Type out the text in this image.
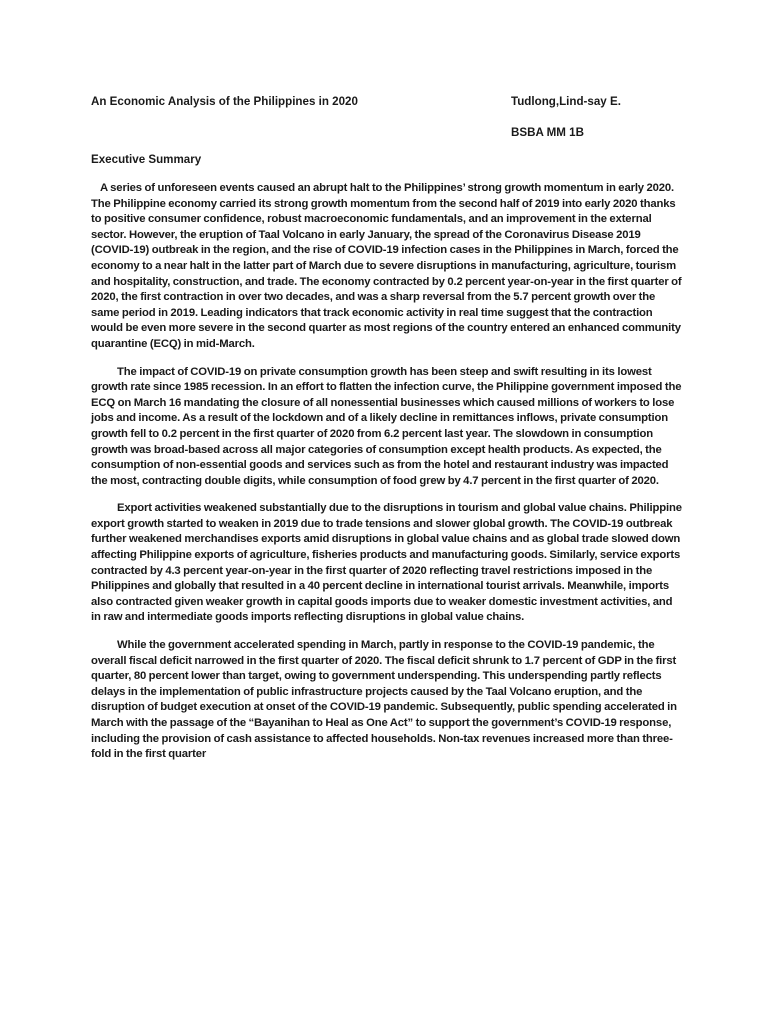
An Economic Analysis of the Philippines in 2020	Tudlong,Lind-say E.
BSBA MM 1B
Executive Summary

A series of unforeseen events caused an abrupt halt to the Philippines’ strong growth momentum in early 2020. The Philippine economy carried its strong growth momentum from the second half of 2019 into early 2020 thanks to positive consumer confidence, robust macroeconomic fundamentals, and an improvement in the external sector. However, the eruption of Taal Volcano in early January, the spread of the Coronavirus Disease 2019 (COVID-19) outbreak in the region, and the rise of COVID-19 infection cases in the Philippines in March, forced the economy to a near halt in the latter part of March due to severe disruptions in manufacturing, agriculture, tourism and hospitality, construction, and trade. The economy contracted by 0.2 percent year-on-year in the first quarter of 2020, the first contraction in over two decades, and was a sharp reversal from the 5.7 percent growth over the same period in 2019. Leading indicators that track economic activity in real time suggest that the contraction would be even more severe in the second quarter as most regions of the country entered an enhanced community quarantine (ECQ) in mid-March.

The impact of COVID-19 on private consumption growth has been steep and swift resulting in its lowest growth rate since 1985 recession. In an effort to flatten the infection curve, the Philippine government imposed the ECQ on March 16 mandating the closure of all nonessential businesses which caused millions of workers to lose jobs and income. As a result of the lockdown and of a likely decline in remittances inflows, private consumption growth fell to 0.2 percent in the first quarter of 2020 from 6.2 percent last year. The slowdown in consumption growth was broad-based across all major categories of consumption except health products. As expected, the consumption of non-essential goods and services such as from the hotel and restaurant industry was impacted the most, contracting double digits, while consumption of food grew by 4.7 percent in the first quarter of 2020.

Export activities weakened substantially due to the disruptions in tourism and global value chains. Philippine export growth started to weaken in 2019 due to trade tensions and slower global growth. The COVID-19 outbreak further weakened merchandises exports amid disruptions in global value chains and as global trade slowed down affecting Philippine exports of agriculture, fisheries products and manufacturing goods. Similarly, service exports contracted by 4.3 percent year-on-year in the first quarter of 2020 reflecting travel restrictions imposed in the Philippines and globally that resulted in a 40 percent decline in international tourist arrivals. Meanwhile, imports also contracted given weaker growth in capital goods imports due to weaker domestic investment activities, and in raw and intermediate goods imports reflecting disruptions in global value chains.

While the government accelerated spending in March, partly in response to the COVID-19 pandemic, the overall fiscal deficit narrowed in the first quarter of 2020. The fiscal deficit shrunk to 1.7 percent of GDP in the first quarter, 80 percent lower than target, owing to government underspending. This underspending partly reflects delays in the implementation of public infrastructure projects caused by the Taal Volcano eruption, and the disruption of budget execution at onset of the COVID-19 pandemic. Subsequently, public spending accelerated in March with the passage of the “Bayanihan to Heal as One Act” to support the government’s COVID-19 response, including the provision of cash assistance to affected households. Non-tax revenues increased more than three-fold in the first quarter
